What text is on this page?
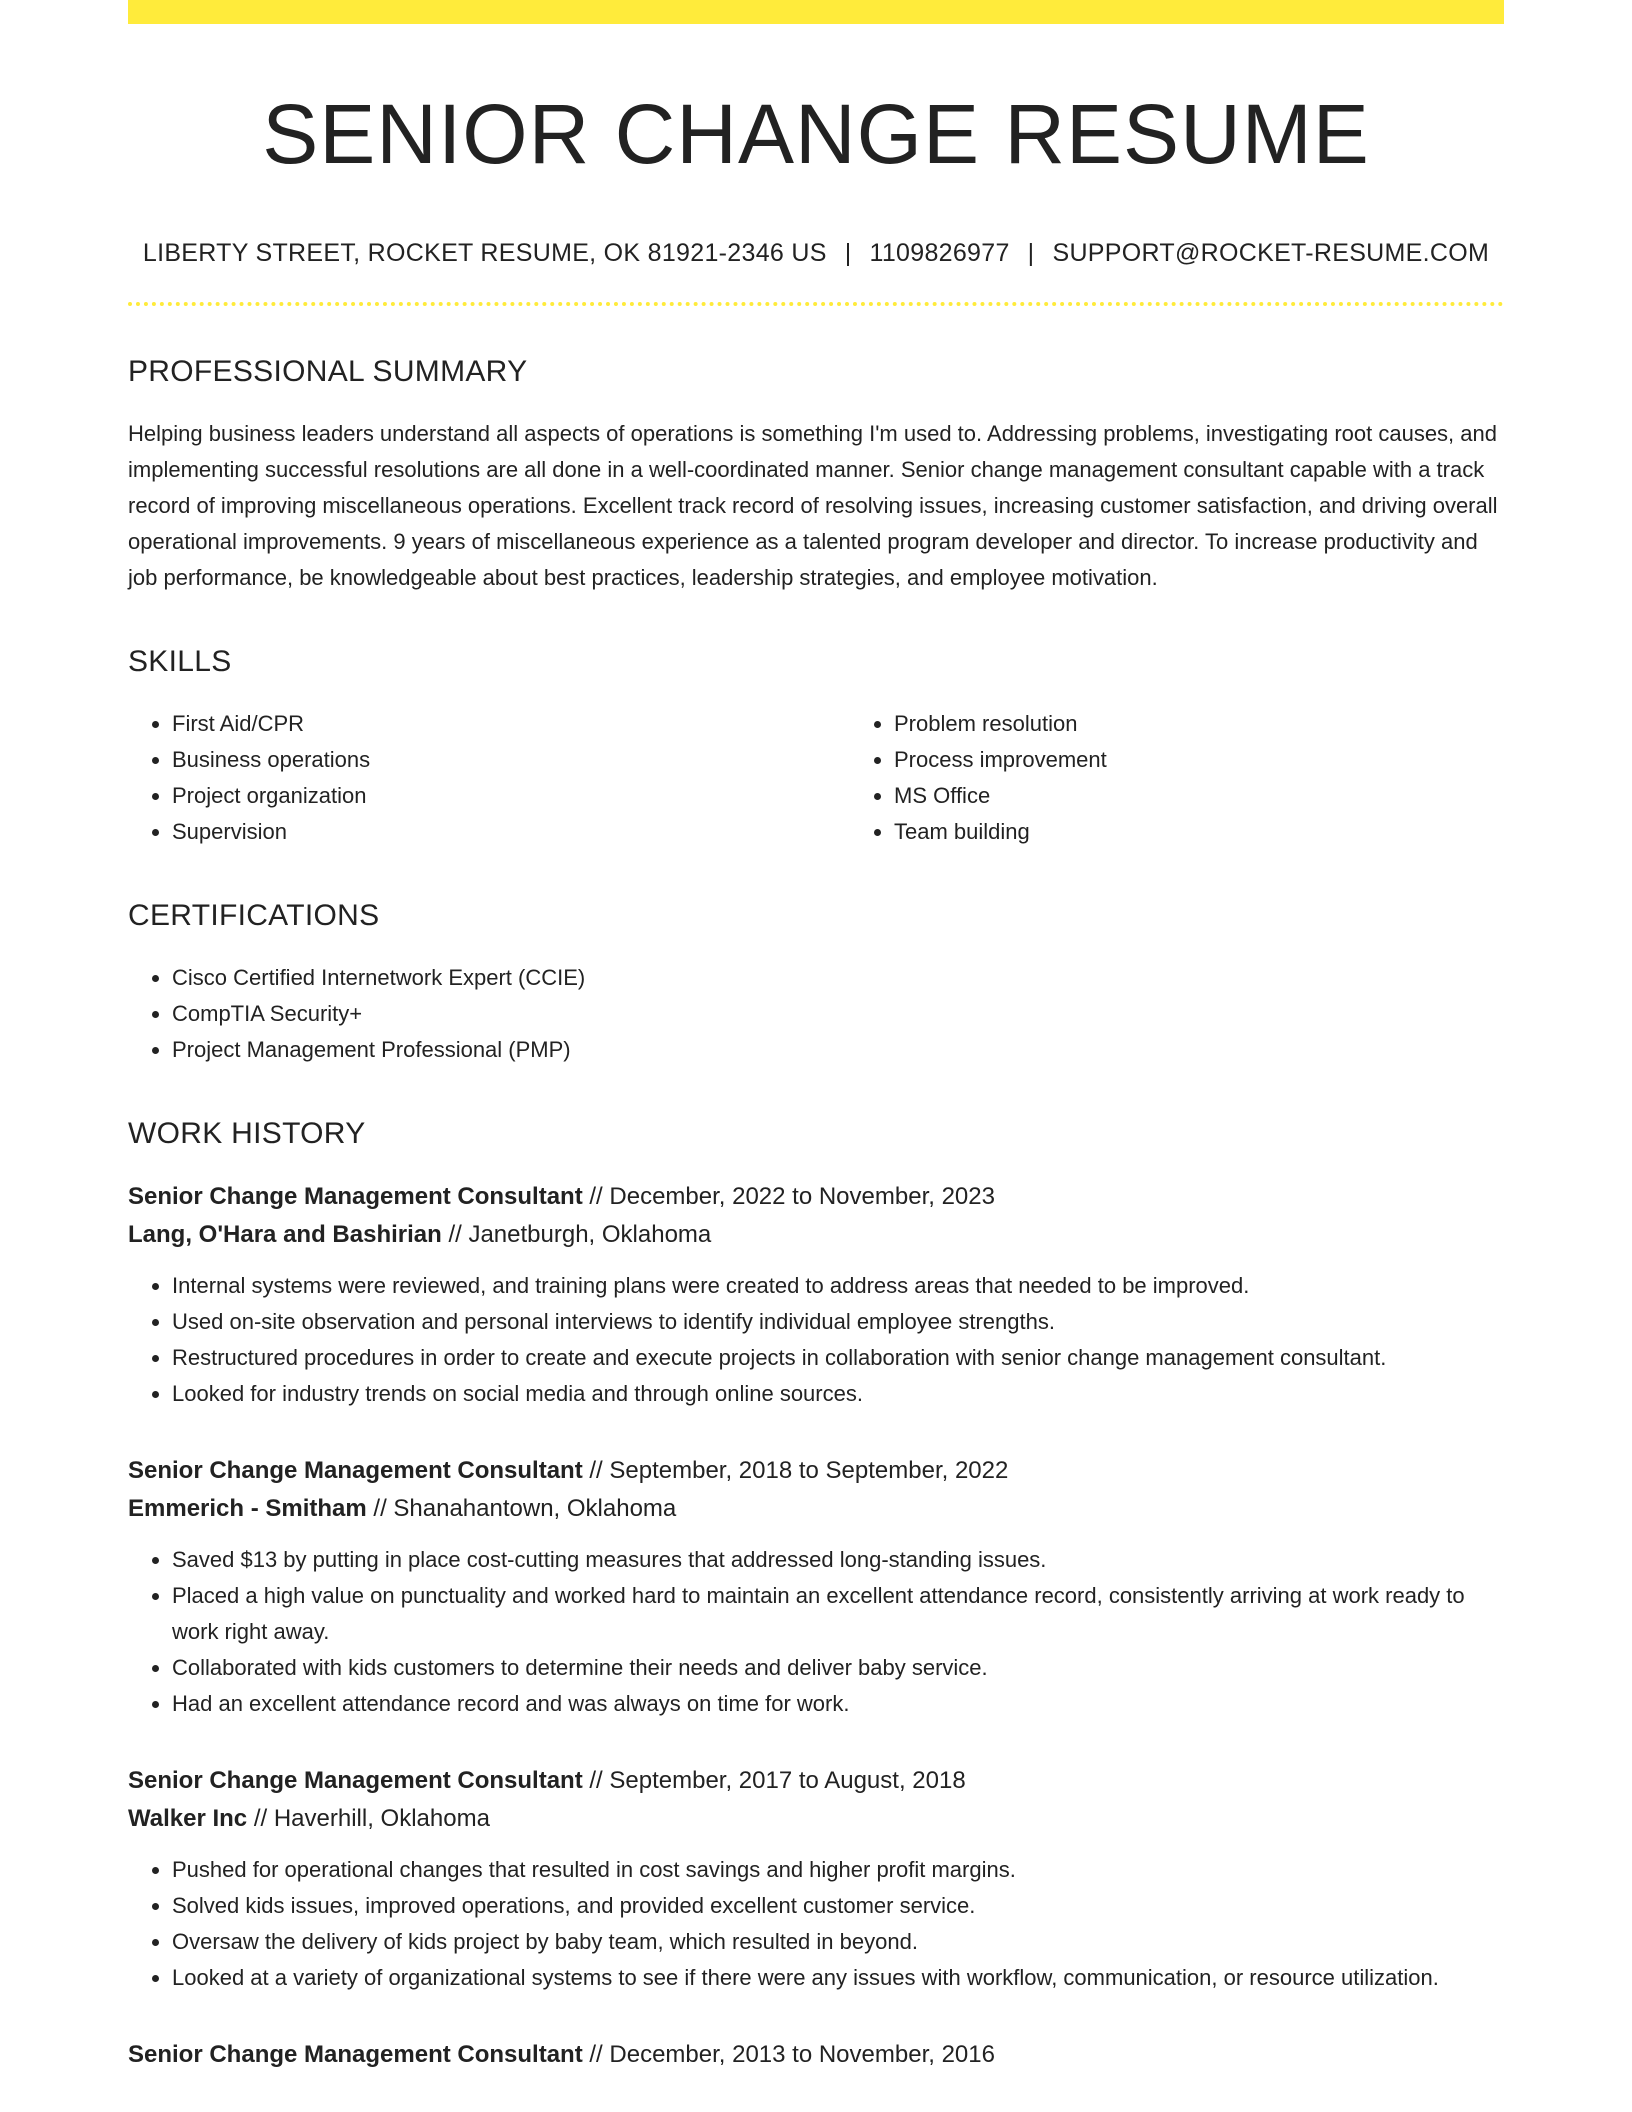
SENIOR CHANGE RESUME
LIBERTY STREET, ROCKET RESUME, OK 81921-2346 US | 1109826977 | SUPPORT@ROCKET-RESUME.COM
PROFESSIONAL SUMMARY

Helping business leaders understand all aspects of operations is something I'm used to. Addressing problems, investigating root causes, and implementing successful resolutions are all done in a well-coordinated manner. Senior change management consultant capable with a track record of improving miscellaneous operations. Excellent track record of resolving issues, increasing customer satisfaction, and driving overall operational improvements. 9 years of miscellaneous experience as a talented program developer and director. To increase productivity and job performance, be knowledgeable about best practices, leadership strategies, and employee motivation.

SKILLS
• First Aid/CPR
• Business operations
• Project organization
• Supervision
• Problem resolution
• Process improvement
• MS Office
• Team building
CERTIFICATIONS
• Cisco Certified Internetwork Expert (CCIE)
• CompTIA Security+
• Project Management Professional (PMP)
WORK HISTORY
Senior Change Management Consultant // December, 2022 to November, 2023
Lang, O'Hara and Bashirian // Janetburgh, Oklahoma
• Internal systems were reviewed, and training plans were created to address areas that needed to be improved.
• Used on-site observation and personal interviews to identify individual employee strengths.
• Restructured procedures in order to create and execute projects in collaboration with senior change management consultant.
• Looked for industry trends on social media and through online sources.
Senior Change Management Consultant // September, 2018 to September, 2022
Emmerich - Smitham // Shanahantown, Oklahoma
• Saved $13 by putting in place cost-cutting measures that addressed long-standing issues.
• Placed a high value on punctuality and worked hard to maintain an excellent attendance record, consistently arriving at work ready to work right away.
• Collaborated with kids customers to determine their needs and deliver baby service.
• Had an excellent attendance record and was always on time for work.
Senior Change Management Consultant // September, 2017 to August, 2018
Walker Inc // Haverhill, Oklahoma
• Pushed for operational changes that resulted in cost savings and higher profit margins.
• Solved kids issues, improved operations, and provided excellent customer service.
• Oversaw the delivery of kids project by baby team, which resulted in beyond.
• Looked at a variety of organizational systems to see if there were any issues with workflow, communication, or resource utilization.
Senior Change Management Consultant // December, 2013 to November, 2016
